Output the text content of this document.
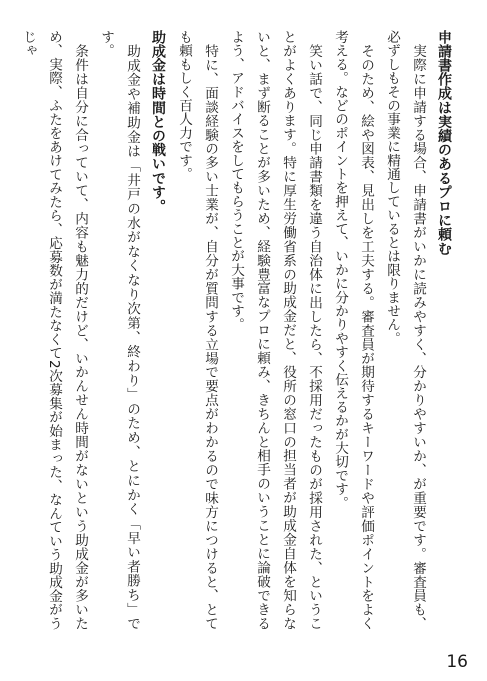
申請書作成は実績のあるプロに頼む

実際に申請する場合、申請書がいかに読みやすく、分かりやすいか、が重要です。審査員も、必ずしもその事業に精通しているとは限りません。

そのため、絵や図表、見出しを工夫する。審査員が期待するキーワードや評価ポイントをよく考える。などのポイントを押えて、いかに分かりやすく伝えるかが大切です。

笑い話で、同じ申請書類を違う自治体に出したら、不採用だったものが採用された、ということがよくあります。特に厚生労働省系の助成金だと、役所の窓口の担当者が助成金自体を知らないと、まず断ることが多いため、経験豊富なプロに頼み、きちんと相手のいうことに論破できるよう、アドバイスをしてもらうことが大事です。

特に、面談経験の多い士業が、自分が質問する立場で要点がわかるので味方につけると、とても頼もしく百人力です。

助成金は時間との戦いです。

助成金や補助金は「井戸の水がなくなり次第、終わり」のため、とにかく「早い者勝ち」です。

条件は自分に合っていて、内容も魅力的だけど、いかんせん時間がないという助成金が多いため、実際、ふたをあけてみたら、応募数が満たなくて2次募集が始まった、なんていう助成金がうじゃ

16
